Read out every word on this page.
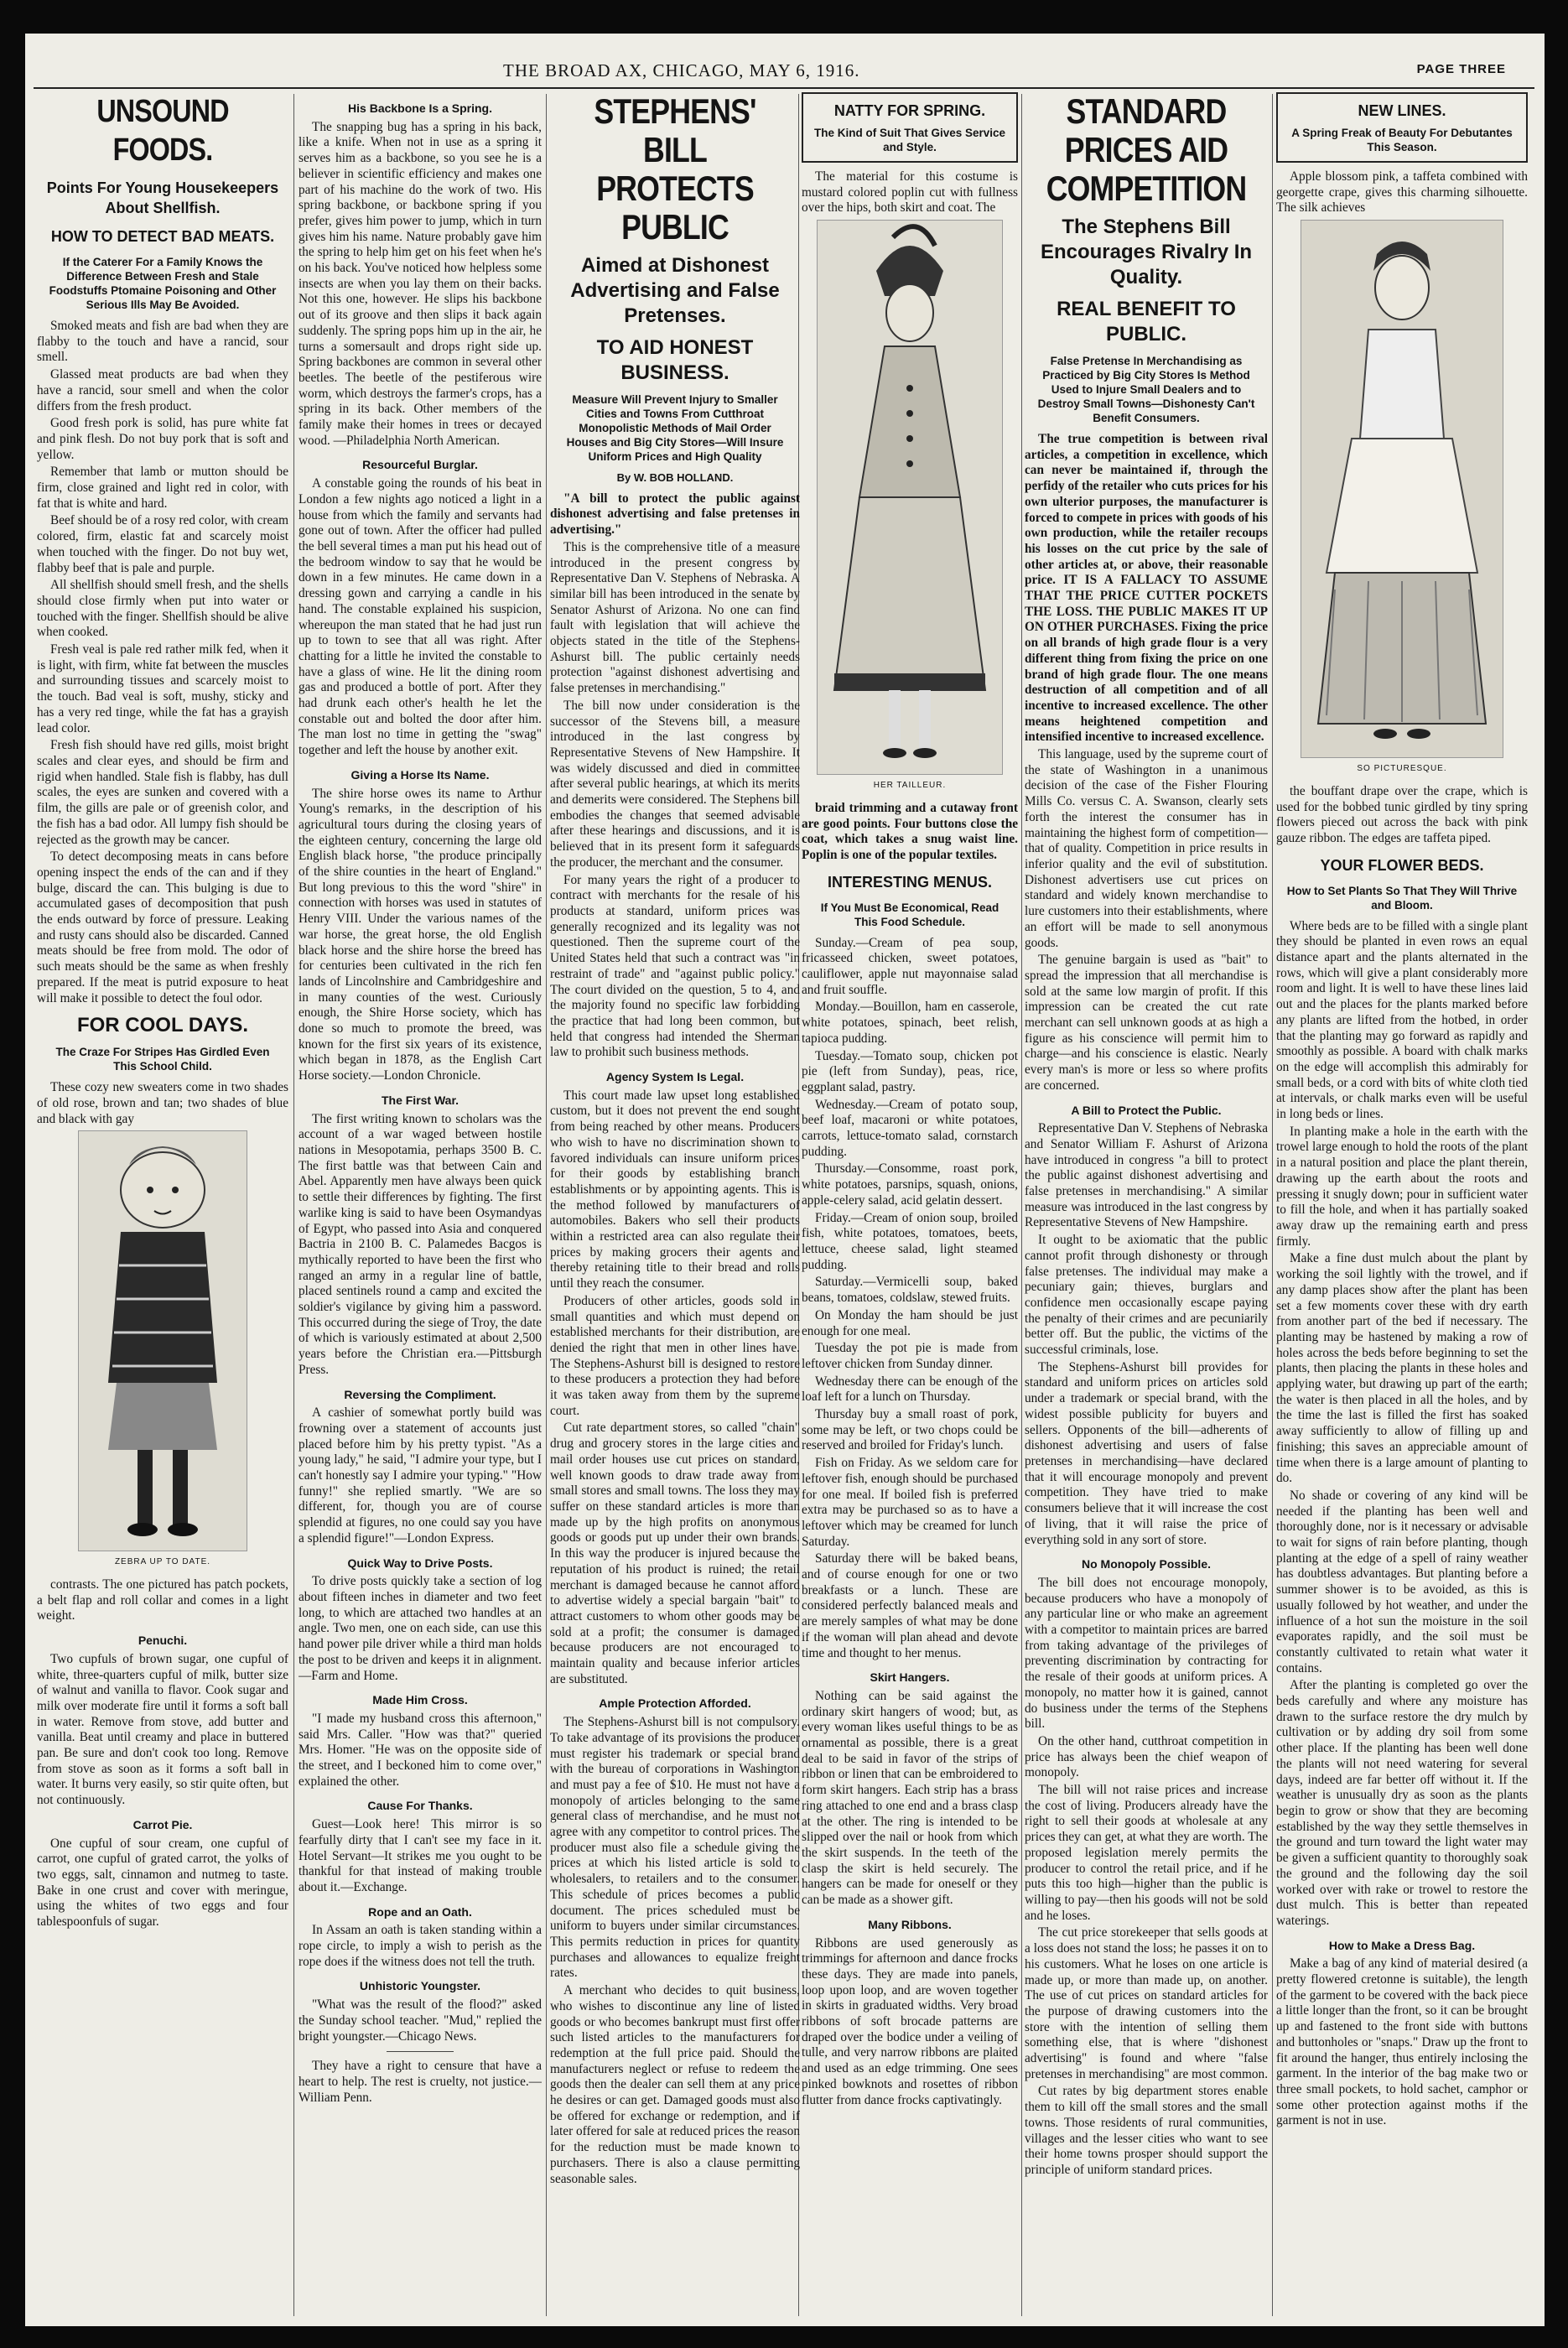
THE BROAD AX, CHICAGO, MAY 6, 1916.	PAGE THREE
UNSOUND FOODS.
Points For Young Housekeepers About Shellfish.
HOW TO DETECT BAD MEATS.
If the Caterer For a Family Knows the Difference Between Fresh and Stale Foodstuffs Ptomaine Poisoning and Other Serious Ills May Be Avoided.

Smoked meats and fish are bad when they are flabby to the touch and have a rancid, sour smell.

Glassed meat products are bad when they have a rancid, sour smell and when the color differs from the fresh product.

Good fresh pork is solid, has pure white fat and pink flesh. Do not buy pork that is soft and yellow.

Remember that lamb or mutton should be firm, close grained and light red in color, with fat that is white and hard.

Beef should be of a rosy red color, with cream colored, firm, elastic fat and scarcely moist when touched with the finger. Do not buy wet, flabby beef that is pale and purple.

All shellfish should smell fresh, and the shells should close firmly when put into water or touched with the finger. Shellfish should be alive when cooked.

Fresh veal is pale red rather milk fed, when it is light, with firm, white fat between the muscles and surrounding tissues and scarcely moist to the touch. Bad veal is soft, mushy, sticky and has a very red tinge, while the fat has a grayish lead color.

Fresh fish should have red gills, moist bright scales and clear eyes, and should be firm and rigid when handled. Stale fish is flabby, has dull scales, the eyes are sunken and covered with a film, the gills are pale or of greenish color, and the fish has a bad odor. All lumpy fish should be rejected as the growth may be cancer.

To detect decomposing meats in cans before opening inspect the ends of the can and if they bulge, discard the can. This bulging is due to accumulated gases of decomposition that push the ends outward by force of pressure. Leaking and rusty cans should also be discarded. Canned meats should be free from mold. The odor of such meats should be the same as when freshly prepared. If the meat is putrid exposure to heat will make it possible to detect the foul odor.

FOR COOL DAYS.
The Craze For Stripes Has Girdled Even This School Child.

These cozy new sweaters come in two shades of old rose, brown and tan; two shades of blue and black with gay

ZEBRA UP TO DATE.

contrasts. The one pictured has patch pockets, a belt flap and roll collar and comes in a light weight.

Penuchi.

Two cupfuls of brown sugar, one cupful of white, three-quarters cupful of milk, butter size of walnut and vanilla to flavor. Cook sugar and milk over moderate fire until it forms a soft ball in water. Remove from stove, add butter and vanilla. Beat until creamy and place in buttered pan. Be sure and don't cook too long. Remove from stove as soon as it forms a soft ball in water. It burns very easily, so stir quite often, but not continuously.

Carrot Pie.

One cupful of sour cream, one cupful of carrot, one cupful of grated carrot, the yolks of two eggs, salt, cinnamon and nutmeg to taste. Bake in one crust and cover with meringue, using the whites of two eggs and four tablespoonfuls of sugar.

His Backbone Is a Spring.

The snapping bug has a spring in his back, like a knife. When not in use as a spring it serves him as a backbone, so you see he is a believer in scientific efficiency and makes one part of his machine do the work of two. His spring backbone, or backbone spring if you prefer, gives him power to jump, which in turn gives him his name. Nature probably gave him the spring to help him get on his feet when he's on his back. You've noticed how helpless some insects are when you lay them on their backs. Not this one, however. He slips his backbone out of its groove and then slips it back again suddenly. The spring pops him up in the air, he turns a somersault and drops right side up. Spring backbones are common in several other beetles. The beetle of the pestiferous wire worm, which destroys the farmer's crops, has a spring in its back. Other members of the family make their homes in trees or decayed wood. —Philadelphia North American.

Resourceful Burglar.

A constable going the rounds of his beat in London a few nights ago noticed a light in a house from which the family and servants had gone out of town. After the officer had pulled the bell several times a man put his head out of the bedroom window to say that he would be down in a few minutes. He came down in a dressing gown and carrying a candle in his hand. The constable explained his suspicion, whereupon the man stated that he had just run up to town to see that all was right. After chatting for a little he invited the constable to have a glass of wine. He lit the dining room gas and produced a bottle of port. After they had drunk each other's health he let the constable out and bolted the door after him. The man lost no time in getting the "swag" together and left the house by another exit.

Giving a Horse Its Name.

The shire horse owes its name to Arthur Young's remarks, in the description of his agricultural tours during the closing years of the eighteen century, concerning the large old English black horse, "the produce principally of the shire counties in the heart of England." But long previous to this the word "shire" in connection with horses was used in statutes of Henry VIII. Under the various names of the war horse, the great horse, the old English black horse and the shire horse the breed has for centuries been cultivated in the rich fen lands of Lincolnshire and Cambridgeshire and in many counties of the west. Curiously enough, the Shire Horse society, which has done so much to promote the breed, was known for the first six years of its existence, which began in 1878, as the English Cart Horse society.—London Chronicle.

The First War.

The first writing known to scholars was the account of a war waged between hostile nations in Mesopotamia, perhaps 3500 B. C. The first battle was that between Cain and Abel. Apparently men have always been quick to settle their differences by fighting. The first warlike king is said to have been Osymandyas of Egypt, who passed into Asia and conquered Bactria in 2100 B. C. Palamedes Bacgos is mythically reported to have been the first who ranged an army in a regular line of battle, placed sentinels round a camp and excited the soldier's vigilance by giving him a password. This occurred during the siege of Troy, the date of which is variously estimated at about 2,500 years before the Christian era.—Pittsburgh Press.

Reversing the Compliment.

A cashier of somewhat portly build was frowning over a statement of accounts just placed before him by his pretty typist. "As a young lady," he said, "I admire your type, but I can't honestly say I admire your typing." "How funny!" she replied smartly. "We are so different, for, though you are of course splendid at figures, no one could say you have a splendid figure!"—London Express.

Quick Way to Drive Posts.

To drive posts quickly take a section of log about fifteen inches in diameter and two feet long, to which are attached two handles at an angle. Two men, one on each side, can use this hand power pile driver while a third man holds the post to be driven and keeps it in alignment.—Farm and Home.

Made Him Cross.

"I made my husband cross this afternoon," said Mrs. Caller. "How was that?" queried Mrs. Homer. "He was on the opposite side of the street, and I beckoned him to come over," explained the other.

Cause For Thanks.

Guest—Look here! This mirror is so fearfully dirty that I can't see my face in it. Hotel Servant—It strikes me you ought to be thankful for that instead of making trouble about it.—Exchange.

Rope and an Oath.

In Assam an oath is taken standing within a rope circle, to imply a wish to perish as the rope does if the witness does not tell the truth.

Unhistoric Youngster.

"What was the result of the flood?" asked the Sunday school teacher. "Mud," replied the bright youngster.—Chicago News.

They have a right to censure that have a heart to help. The rest is cruelty, not justice.—William Penn.

STEPHENS' BILL PROTECTS PUBLIC
Aimed at Dishonest Advertising and False Pretenses.
TO AID HONEST BUSINESS.
Measure Will Prevent Injury to Smaller Cities and Towns From Cutthroat Monopolistic Methods of Mail Order Houses and Big City Stores—Will Insure Uniform Prices and High Quality
By W. BOB HOLLAND.

"A bill to protect the public against dishonest advertising and false pretenses in advertising."

This is the comprehensive title of a measure introduced in the present congress by Representative Dan V. Stephens of Nebraska. A similar bill has been introduced in the senate by Senator Ashurst of Arizona. No one can find fault with legislation that will achieve the objects stated in the title of the Stephens-Ashurst bill. The public certainly needs protection "against dishonest advertising and false pretenses in merchandising."

The bill now under consideration is the successor of the Stevens bill, a measure introduced in the last congress by Representative Stevens of New Hampshire. It was widely discussed and died in committee after several public hearings, at which its merits and demerits were considered. The Stephens bill embodies the changes that seemed advisable after these hearings and discussions, and it is believed that in its present form it safeguards the producer, the merchant and the consumer.

For many years the right of a producer to contract with merchants for the resale of his products at standard, uniform prices was generally recognized and its legality was not questioned. Then the supreme court of the United States held that such a contract was "in restraint of trade" and "against public policy." The court divided on the question, 5 to 4, and the majority found no specific law forbidding the practice that had long been common, but held that congress had intended the Sherman law to prohibit such business methods.

Agency System Is Legal.

This court made law upset long established custom, but it does not prevent the end sought from being reached by other means. Producers who wish to have no discrimination shown to favored individuals can insure uniform prices for their goods by establishing branch establishments or by appointing agents. This is the method followed by manufacturers of automobiles. Bakers who sell their products within a restricted area can also regulate their prices by making grocers their agents and thereby retaining title to their bread and rolls until they reach the consumer.

Producers of other articles, goods sold in small quantities and which must depend on established merchants for their distribution, are denied the right that men in other lines have. The Stephens-Ashurst bill is designed to restore to these producers a protection they had before it was taken away from them by the supreme court.

Cut rate department stores, so called "chain" drug and grocery stores in the large cities and mail order houses use cut prices on standard, well known goods to draw trade away from small stores and small towns. The loss they may suffer on these standard articles is more than made up by the high profits on anonymous goods or goods put up under their own brands. In this way the producer is injured because the reputation of his product is ruined; the retail merchant is damaged because he cannot afford to advertise widely a special bargain "bait" to attract customers to whom other goods may be sold at a profit; the consumer is damaged because producers are not encouraged to maintain quality and because inferior articles are substituted.

Ample Protection Afforded.

The Stephens-Ashurst bill is not compulsory. To take advantage of its provisions the producer must register his trademark or special brand with the bureau of corporations in Washington and must pay a fee of $10. He must not have a monopoly of articles belonging to the same general class of merchandise, and he must not agree with any competitor to control prices. The producer must also file a schedule giving the prices at which his listed article is sold to wholesalers, to retailers and to the consumer. This schedule of prices becomes a public document. The prices scheduled must be uniform to buyers under similar circumstances. This permits reduction in prices for quantity purchases and allowances to equalize freight rates.

A merchant who decides to quit business, who wishes to discontinue any line of listed goods or who becomes bankrupt must first offer such listed articles to the manufacturers for redemption at the full price paid. Should the manufacturers neglect or refuse to redeem the goods then the dealer can sell them at any price he desires or can get. Damaged goods must also be offered for exchange or redemption, and if later offered for sale at reduced prices the reason for the reduction must be made known to purchasers. There is also a clause permitting seasonable sales.

NATTY FOR SPRING.
The Kind of Suit That Gives Service and Style.

The material for this costume is mustard colored poplin cut with fullness over the hips, both skirt and coat. The

HER TAILLEUR.

braid trimming and a cutaway front are good points. Four buttons close the coat, which takes a snug waist line. Poplin is one of the popular textiles.

INTERESTING MENUS.
If You Must Be Economical, Read This Food Schedule.

Sunday.—Cream of pea soup, fricasseed chicken, sweet potatoes, cauliflower, apple nut mayonnaise salad and fruit souffle.

Monday.—Bouillon, ham en casserole, white potatoes, spinach, beet relish, tapioca pudding.

Tuesday.—Tomato soup, chicken pot pie (left from Sunday), peas, rice, eggplant salad, pastry.

Wednesday.—Cream of potato soup, beef loaf, macaroni or white potatoes, carrots, lettuce-tomato salad, cornstarch pudding.

Thursday.—Consomme, roast pork, white potatoes, parsnips, squash, onions, apple-celery salad, acid gelatin dessert.

Friday.—Cream of onion soup, broiled fish, white potatoes, tomatoes, beets, lettuce, cheese salad, light steamed pudding.

Saturday.—Vermicelli soup, baked beans, tomatoes, coldslaw, stewed fruits.

On Monday the ham should be just enough for one meal.

Tuesday the pot pie is made from leftover chicken from Sunday dinner.

Wednesday there can be enough of the loaf left for a lunch on Thursday.

Thursday buy a small roast of pork, some may be left, or two chops could be reserved and broiled for Friday's lunch.

Fish on Friday. As we seldom care for leftover fish, enough should be purchased for one meal. If boiled fish is preferred extra may be purchased so as to have a leftover which may be creamed for lunch Saturday.

Saturday there will be baked beans, and of course enough for one or two breakfasts or a lunch. These are considered perfectly balanced meals and are merely samples of what may be done if the woman will plan ahead and devote time and thought to her menus.

Skirt Hangers.

Nothing can be said against the ordinary skirt hangers of wood; but, as every woman likes useful things to be as ornamental as possible, there is a great deal to be said in favor of the strips of ribbon or linen that can be embroidered to form skirt hangers. Each strip has a brass ring attached to one end and a brass clasp at the other. The ring is intended to be slipped over the nail or hook from which the skirt suspends. In the teeth of the clasp the skirt is held securely. The hangers can be made for oneself or they can be made as a shower gift.

Many Ribbons.

Ribbons are used generously as trimmings for afternoon and dance frocks these days. They are made into panels, loop upon loop, and are woven together in skirts in graduated widths. Very broad ribbons of soft brocade patterns are draped over the bodice under a veiling of tulle, and very narrow ribbons are plaited and used as an edge trimming. One sees pinked bowknots and rosettes of ribbon flutter from dance frocks captivatingly.

STANDARD PRICES AID COMPETITION
The Stephens Bill Encourages Rivalry In Quality.
REAL BENEFIT TO PUBLIC.
False Pretense In Merchandising as Practiced by Big City Stores Is Method Used to Injure Small Dealers and to Destroy Small Towns—Dishonesty Can't Benefit Consumers.

The true competition is between rival articles, a competition in excellence, which can never be maintained if, through the perfidy of the retailer who cuts prices for his own ulterior purposes, the manufacturer is forced to compete in prices with goods of his own production, while the retailer recoups his losses on the cut price by the sale of other articles at, or above, their reasonable price. IT IS A FALLACY TO ASSUME THAT THE PRICE CUTTER POCKETS THE LOSS. THE PUBLIC MAKES IT UP ON OTHER PURCHASES. Fixing the price on all brands of high grade flour is a very different thing from fixing the price on one brand of high grade flour. The one means destruction of all competition and of all incentive to increased excellence. The other means heightened competition and intensified incentive to increased excellence.

This language, used by the supreme court of the state of Washington in a unanimous decision of the case of the Fisher Flouring Mills Co. versus C. A. Swanson, clearly sets forth the interest the consumer has in maintaining the highest form of competition—that of quality. Competition in price results in inferior quality and the evil of substitution. Dishonest advertisers use cut prices on standard and widely known merchandise to lure customers into their establishments, where an effort will be made to sell anonymous goods.

The genuine bargain is used as "bait" to spread the impression that all merchandise is sold at the same low margin of profit. If this impression can be created the cut rate merchant can sell unknown goods at as high a figure as his conscience will permit him to charge—and his conscience is elastic. Nearly every man's is more or less so where profits are concerned.

A Bill to Protect the Public.

Representative Dan V. Stephens of Nebraska and Senator William F. Ashurst of Arizona have introduced in congress "a bill to protect the public against dishonest advertising and false pretenses in merchandising." A similar measure was introduced in the last congress by Representative Stevens of New Hampshire.

It ought to be axiomatic that the public cannot profit through dishonesty or through false pretenses. The individual may make a pecuniary gain; thieves, burglars and confidence men occasionally escape paying the penalty of their crimes and are pecuniarily better off. But the public, the victims of the successful criminals, lose.

The Stephens-Ashurst bill provides for standard and uniform prices on articles sold under a trademark or special brand, with the widest possible publicity for buyers and sellers. Opponents of the bill—adherents of dishonest advertising and users of false pretenses in merchandising—have declared that it will encourage monopoly and prevent competition. They have tried to make consumers believe that it will increase the cost of living, that it will raise the price of everything sold in any sort of store.

No Monopoly Possible.

The bill does not encourage monopoly, because producers who have a monopoly of any particular line or who make an agreement with a competitor to maintain prices are barred from taking advantage of the privileges of preventing discrimination by contracting for the resale of their goods at uniform prices. A monopoly, no matter how it is gained, cannot do business under the terms of the Stephens bill.

On the other hand, cutthroat competition in price has always been the chief weapon of monopoly.

The bill will not raise prices and increase the cost of living. Producers already have the right to sell their goods at wholesale at any prices they can get, at what they are worth. The proposed legislation merely permits the producer to control the retail price, and if he puts this too high—higher than the public is willing to pay—then his goods will not be sold and he loses.

The cut price storekeeper that sells goods at a loss does not stand the loss; he passes it on to his customers. What he loses on one article is made up, or more than made up, on another. The use of cut prices on standard articles for the purpose of drawing customers into the store with the intention of selling them something else, that is where "dishonest advertising" is found and where "false pretenses in merchandising" are most common.

Cut rates by big department stores enable them to kill off the small stores and the small towns. Those residents of rural communities, villages and the lesser cities who want to see their home towns prosper should support the principle of uniform standard prices.

NEW LINES.
A Spring Freak of Beauty For Debutantes This Season.

Apple blossom pink, a taffeta combined with georgette crape, gives this charming silhouette. The silk achieves

SO PICTURESQUE.

the bouffant drape over the crape, which is used for the bobbed tunic girdled by tiny spring flowers pieced out across the back with pink gauze ribbon. The edges are taffeta piped.

YOUR FLOWER BEDS.
How to Set Plants So That They Will Thrive and Bloom.

Where beds are to be filled with a single plant they should be planted in even rows an equal distance apart and the plants alternated in the rows, which will give a plant considerably more room and light. It is well to have these lines laid out and the places for the plants marked before any plants are lifted from the hotbed, in order that the planting may go forward as rapidly and smoothly as possible. A board with chalk marks on the edge will accomplish this admirably for small beds, or a cord with bits of white cloth tied at intervals, or chalk marks even will be useful in long beds or lines.

In planting make a hole in the earth with the trowel large enough to hold the roots of the plant in a natural position and place the plant therein, drawing up the earth about the roots and pressing it snugly down; pour in sufficient water to fill the hole, and when it has partially soaked away draw up the remaining earth and press firmly.

Make a fine dust mulch about the plant by working the soil lightly with the trowel, and if any damp places show after the plant has been set a few moments cover these with dry earth from another part of the bed if necessary. The planting may be hastened by making a row of holes across the beds before beginning to set the plants, then placing the plants in these holes and applying water, but drawing up part of the earth; the water is then placed in all the holes, and by the time the last is filled the first has soaked away sufficiently to allow of filling up and finishing; this saves an appreciable amount of time when there is a large amount of planting to do.

No shade or covering of any kind will be needed if the planting has been well and thoroughly done, nor is it necessary or advisable to wait for signs of rain before planting, though planting at the edge of a spell of rainy weather has doubtless advantages. But planting before a summer shower is to be avoided, as this is usually followed by hot weather, and under the influence of a hot sun the moisture in the soil evaporates rapidly, and the soil must be constantly cultivated to retain what water it contains.

After the planting is completed go over the beds carefully and where any moisture has drawn to the surface restore the dry mulch by cultivation or by adding dry soil from some other place. If the planting has been well done the plants will not need watering for several days, indeed are far better off without it. If the weather is unusually dry as soon as the plants begin to grow or show that they are becoming established by the way they settle themselves in the ground and turn toward the light water may be given a sufficient quantity to thoroughly soak the ground and the following day the soil worked over with rake or trowel to restore the dust mulch. This is better than repeated waterings.

How to Make a Dress Bag.

Make a bag of any kind of material desired (a pretty flowered cretonne is suitable), the length of the garment to be covered with the back piece a little longer than the front, so it can be brought up and fastened to the front side with buttons and buttonholes or "snaps." Draw up the front to fit around the hanger, thus entirely inclosing the garment. In the interior of the bag make two or three small pockets, to hold sachet, camphor or some other protection against moths if the garment is not in use.
